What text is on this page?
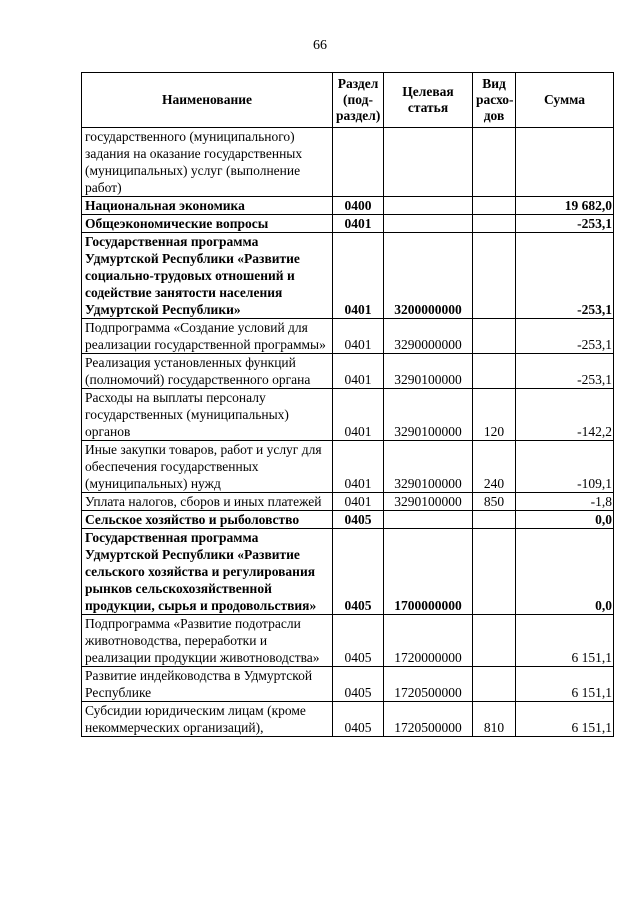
66
Наименование	Раздел (под-раздел)	Целевая статья	Вид расхо-дов	Сумма
государственного (муниципального) задания на оказание государственных (муниципальных) услуг (выполнение работ)				
Национальная экономика	0400			19 682,0
Общеэкономические вопросы	0401			-253,1
Государственная программа Удмуртской Республики «Развитие социально-трудовых отношений и содействие занятости населения Удмуртской Республики»	0401	3200000000		-253,1
Подпрограмма «Создание условий для реализации государственной программы»	0401	3290000000		-253,1
Реализация установленных функций (полномочий) государственного органа	0401	3290100000		-253,1
Расходы на выплаты персоналу государственных (муниципальных) органов	0401	3290100000	120	-142,2
Иные закупки товаров, работ и услуг для обеспечения государственных (муниципальных) нужд	0401	3290100000	240	-109,1
Уплата налогов, сборов и иных платежей	0401	3290100000	850	-1,8
Сельское хозяйство и рыболовство	0405			0,0
Государственная программа Удмуртской Республики «Развитие сельского хозяйства и регулирования рынков сельскохозяйственной продукции, сырья и продовольствия»	0405	1700000000		0,0
Подпрограмма «Развитие подотрасли животноводства, переработки и реализации продукции животноводства»	0405	1720000000		6 151,1
Развитие индейководства в Удмуртской Республике	0405	1720500000		6 151,1
Субсидии юридическим лицам (кроме некоммерческих организаций),	0405	1720500000	810	6 151,1
